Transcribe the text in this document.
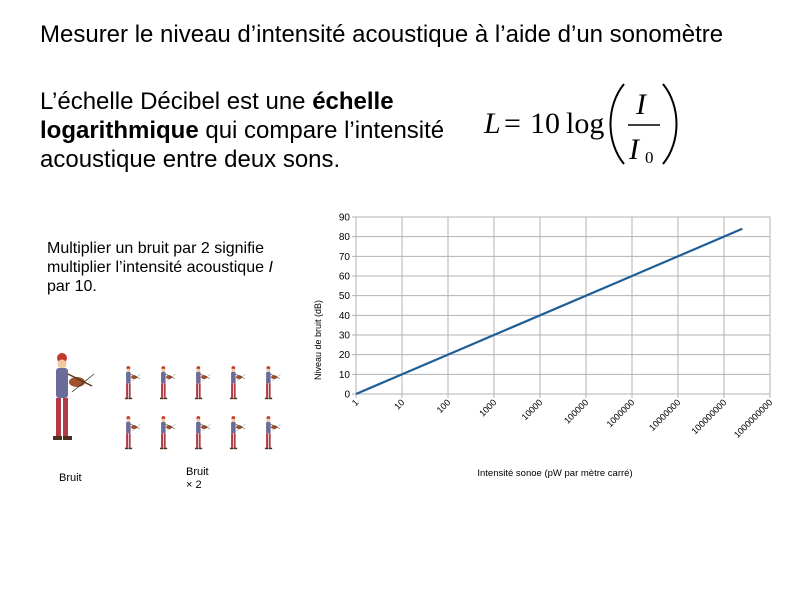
Mesurer le niveau d’intensité acoustique à l’aide d’un sonomètre

L’échelle Décibel est une échelle logarithmique qui compare l’intensité acoustique entre deux sons.

L = 10 log
I
I 0

Multiplier un bruit par 2 signifie multiplier l’intensité acoustique I par 10.

Bruit	Bruit
× 2
0
10
20
30
40
50
60
70
80
90
1	10	100	1000 10000 100000 1000000 10000000 100000000 1000000000
Niveau de bruit (dB)
Intensité sonoe (pW par mètre carré)
